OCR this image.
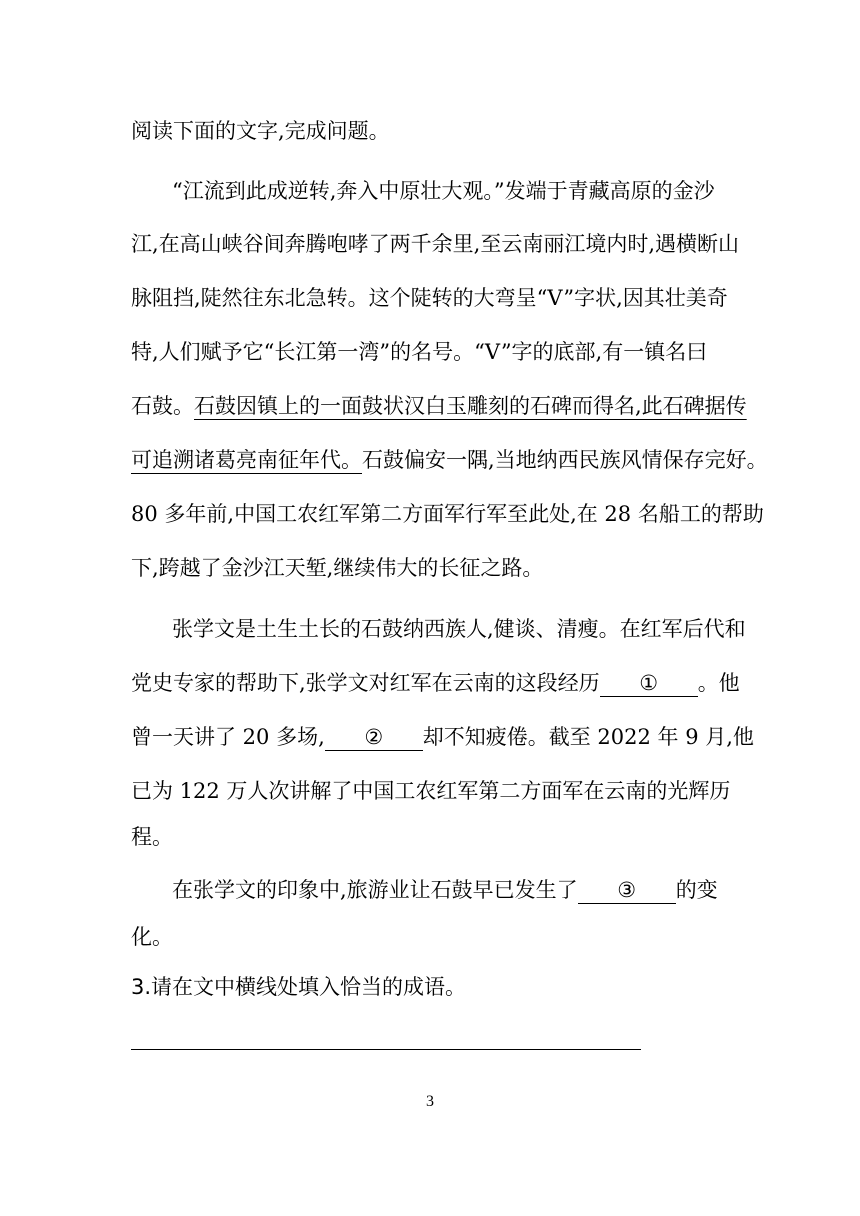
阅读下面的文字,完成问题。
“江流到此成逆转,奔入中原壮大观。”发端于青藏高原的金沙
江,在高山峡谷间奔腾咆哮了两千余里,至云南丽江境内时,遇横断山
脉阻挡,陡然往东北急转。这个陡转的大弯呈“V”字状,因其壮美奇
特,人们赋予它“长江第一湾”的名号。“V”字的底部,有一镇名曰
石鼓。石鼓因镇上的一面鼓状汉白玉雕刻的石碑而得名,此石碑据传
可追溯诸葛亮南征年代。石鼓偏安一隅,当地纳西民族风情保存完好。
80 多年前,中国工农红军第二方面军行军至此处,在 28 名船工的帮助
下,跨越了金沙江天堑,继续伟大的长征之路。
张学文是土生土长的石鼓纳西族人,健谈、清瘦。在红军后代和
党史专家的帮助下,张学文对红军在云南的这段经历 ① 。他
曾一天讲了 20 多场, ② 却不知疲倦。截至 2022 年 9 月,他
已为 122 万人次讲解了中国工农红军第二方面军在云南的光辉历
程。
在张学文的印象中,旅游业让石鼓早已发生了 ③ 的变
化。
3.请在文中横线处填入恰当的成语。
3
